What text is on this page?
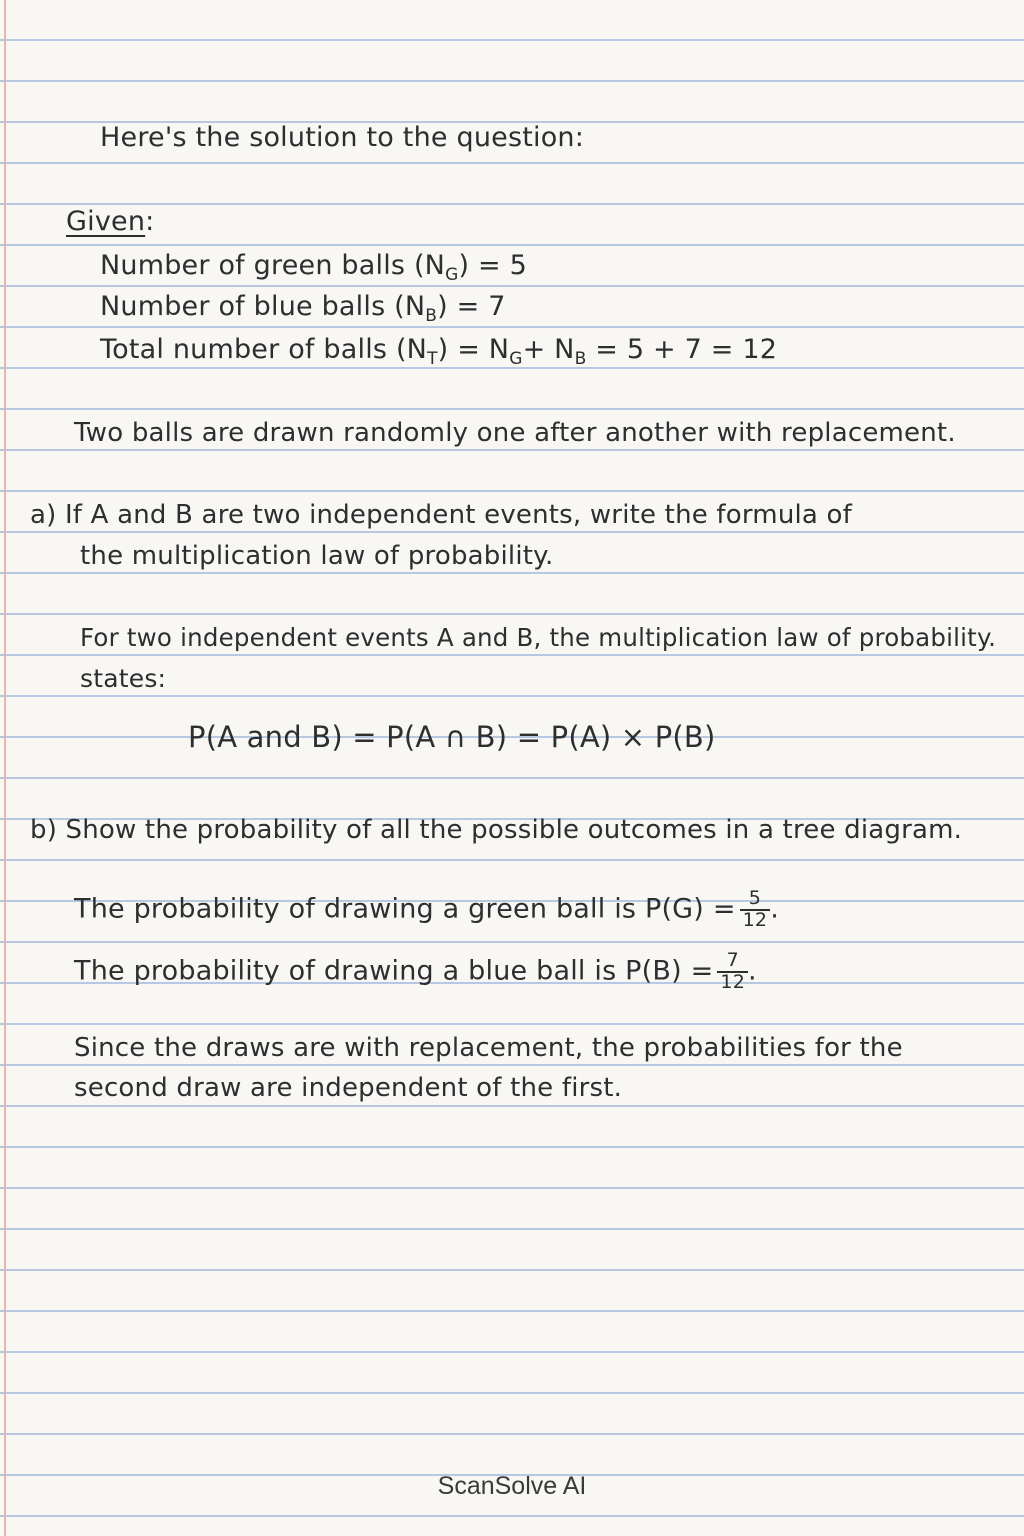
Here's the solution to the question:
Given:
Number of green balls $(N_G) = 5$
Number of blue balls $(N_B) = 7$
Total number of balls $(N_T) = N_G+ N_B = 5 + 7 = 12$
Two balls are drawn randomly one after another with replacement.
a) If A and B are two independent events, write the formula of
the multiplication law of probability.
For two independent events A and B, the multiplication law of probability.
states:
P(A and B) = P(A ∩ B) = P(A) × P(B)
b) Show the probability of all the possible outcomes in a tree diagram.
The probability of drawing a green ball is $P(G) = \frac{5}{12}$ .
The probability of drawing a blue ball is $P(B) = \frac{7}{12}$ .
Since the draws are with replacement, the probabilities for the
second draw are independent of the first.
ScanSolve AI
